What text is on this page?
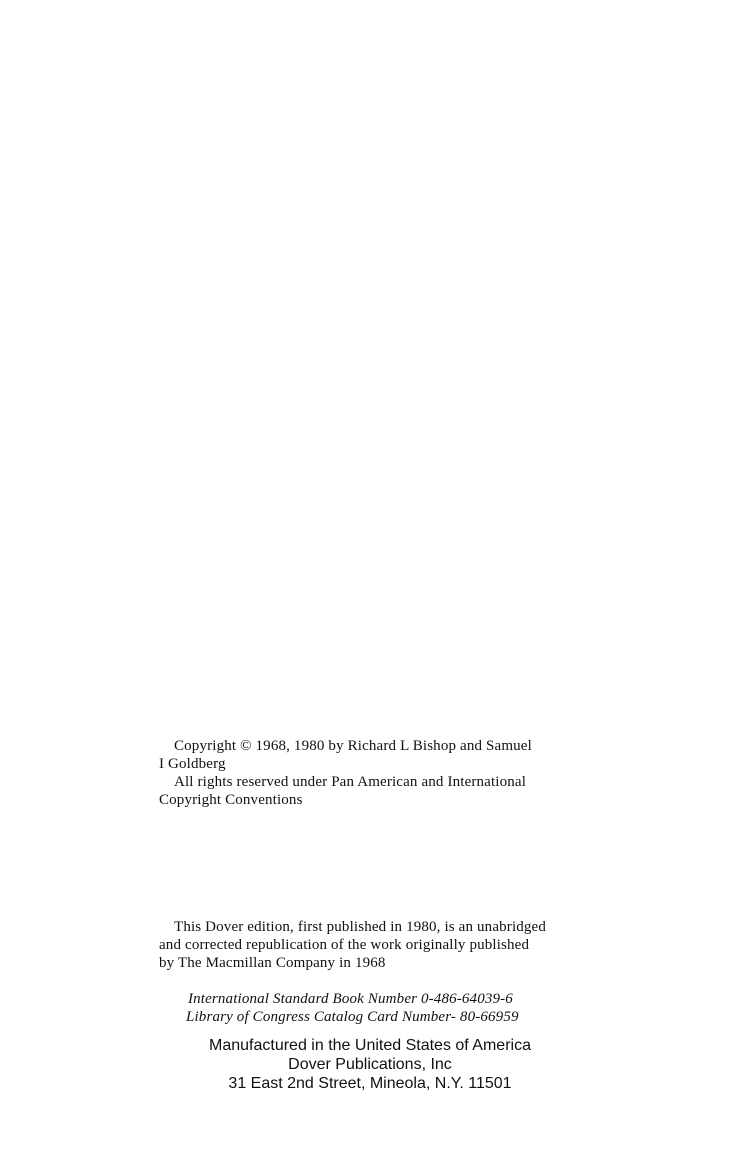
Copyright © 1968, 1980 by Richard L Bishop and Samuel
I Goldberg
All rights reserved under Pan American and International
Copyright Conventions
This Dover edition, first published in 1980, is an unabridged
and corrected republication of the work originally published
by The Macmillan Company in 1968
International Standard Book Number 0-486-64039-6
Library of Congress Catalog Card Number- 80-66959
Manufactured in the United States of America
Dover Publications, Inc
31 East 2nd Street, Mineola, N.Y. 11501
